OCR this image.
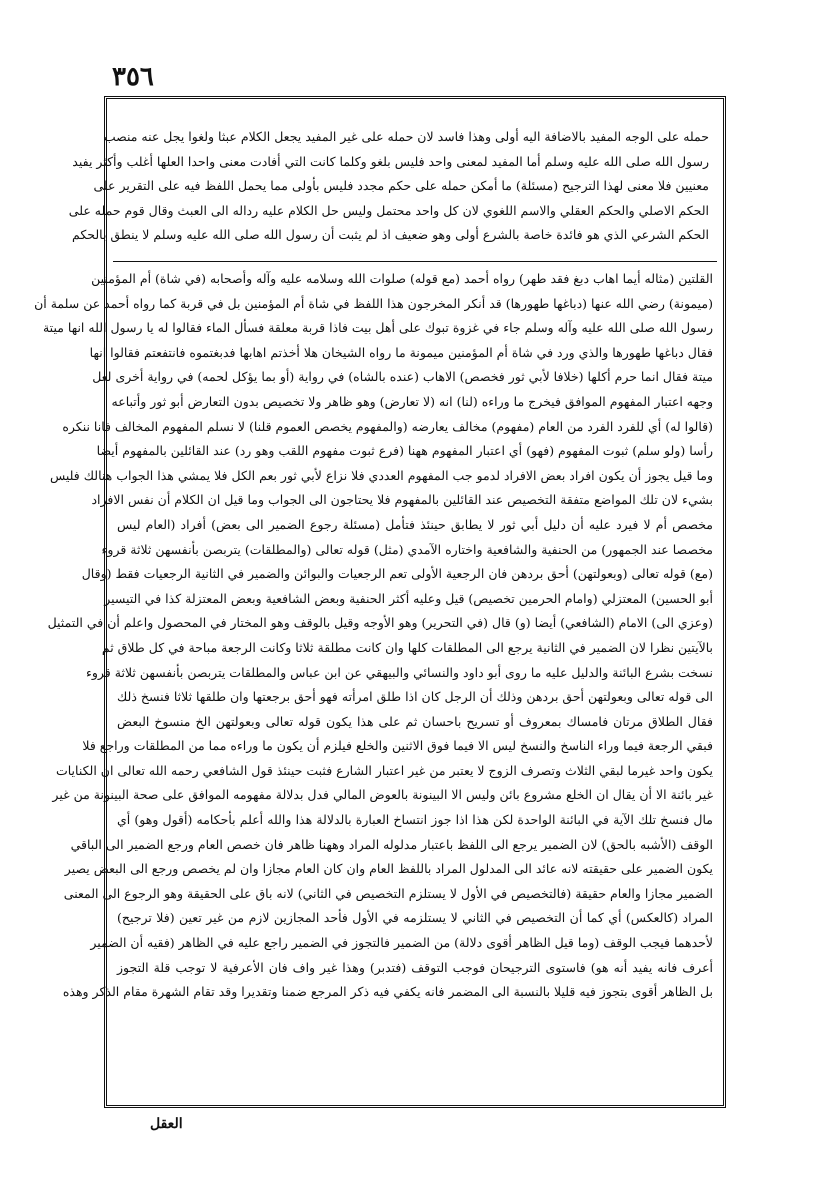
٣٥٦
حمله على الوجه المفيد بالاضافة اليه أولى وهذا فاسد لان حمله على غير المفيد يجعل الكلام عبثا ولغوا يجل عنه منصب
رسول الله صلى الله عليه وسلم أما المفيد لمعنى واحد فليس بلغو وكلما كانت التي أفادت معنى واحدا العلها أغلب وأكثر يفيد
معنيين فلا معنى لهذا الترجيح (مسئلة) ما أمكن حمله على حكم مجدد فليس بأولى مما يحمل اللفظ فيه على التقرير على
الحكم الاصلي والحكم العقلي والاسم اللغوي لان كل واحد محتمل وليس حل الكلام عليه رداله الى العبث وقال قوم حمله على
الحكم الشرعي الذي هو فائدة خاصة بالشرع أولى وهو ضعيف اذ لم يثبت أن رسول الله صلى الله عليه وسلم لا ينطق بالحكم
القلتين (مثاله أيما اهاب دبغ فقد طهر) رواه أحمد (مع قوله) صلوات الله وسلامه عليه وآله وأصحابه (في شاة) أم المؤمنين
(ميمونة) رضي الله عنها (دباغها طهورها) قد أنكر المخرجون هذا اللفظ في شاة أم المؤمنين بل في قربة كما رواه أحمد عن سلمة أن
رسول الله صلى الله عليه وآله وسلم جاء في غزوة تبوك على أهل بيت فاذا قربة معلقة فسأل الماء فقالوا له يا رسول الله انها ميتة
فقال دباغها طهورها والذي ورد في شاة أم المؤمنين ميمونة ما رواه الشيخان هلا أخذتم اهابها فدبغتموه فانتفعتم فقالوا انها
ميتة فقال انما حرم أكلها (خلافا لأبي ثور فخصص) الاهاب (عنده بالشاه) في رواية (أو بما يؤكل لحمه) في رواية أخرى لعل
وجهه اعتبار المفهوم الموافق فيخرج ما وراءه (لنا) انه (لا تعارض) وهو ظاهر ولا تخصيص بدون التعارض أبو ثور وأتباعه
(قالوا له) أي للفرد الفرد من العام (مفهوم) مخالف يعارضه (والمفهوم يخصص العموم قلنا) لا نسلم المفهوم المخالف فانا ننكره
رأسا (ولو سلم) ثبوت المفهوم (فهو) أي اعتبار المفهوم ههنا (فرع ثبوت مفهوم اللقب وهو رد) عند القائلين بالمفهوم أيضا
وما قيل يجوز أن يكون افراد بعض الافراد لدمو جب المفهوم العددي فلا نزاع لأبي ثور بعم الكل فلا يمشي هذا الجواب هنالك فليس
بشيء لان تلك المواضع متفقة التخصيص عند القائلين بالمفهوم فلا يحتاجون الى الجواب وما قيل ان الكلام أن نفس الافراد
مخصص أم لا فيرد عليه أن دليل أبي ثور لا يطابق حينئذ فتأمل (مسئلة رجوع الضمير الى بعض) أفراد (العام ليس
مخصصا عند الجمهور) من الحنفية والشافعية واختاره الآمدي (مثل) قوله تعالى (والمطلقات) يتربصن بأنفسهن ثلاثة قروء
(مع) قوله تعالى (وبعولتهن) أحق بردهن فان الرجعية الأولى تعم الرجعيات والبوائن والضمير في الثانية الرجعيات فقط (وقال
أبو الحسين) المعتزلي (وامام الحرمين تخصيص) قيل وعليه أكثر الحنفية وبعض الشافعية وبعض المعتزلة كذا في التيسير
(وعزي الى) الامام (الشافعي) أيضا (و) قال (في التحرير) وهو الأوجه وقيل بالوقف وهو المختار في المحصول واعلم أن في التمثيل
بالآيتين نظرا لان الضمير في الثانية يرجع الى المطلقات كلها وان كانت مطلقة ثلاثا وكانت الرجعة مباحة في كل طلاق ثم
نسخت بشرع البائنة والدليل عليه ما روى أبو داود والنسائي والبيهقي عن ابن عباس والمطلقات يتربصن بأنفسهن ثلاثة قروء
الى قوله تعالى وبعولتهن أحق بردهن وذلك أن الرجل كان اذا طلق امرأته فهو أحق برجعتها وان طلقها ثلاثا فنسخ ذلك
فقال الطلاق مرتان فامساك بمعروف أو تسريح باحسان ثم على هذا يكون قوله تعالى وبعولتهن الخ منسوخ البعض
فبقي الرجعة فيما وراء الناسخ والنسخ ليس الا فيما فوق الاثنين والخلع فيلزم أن يكون ما وراءه مما من المطلقات وراجع فلا
يكون واحد غيرما لبقي الثلاث وتصرف الزوج لا يعتبر من غير اعتبار الشارع فثبت حينئذ قول الشافعي رحمه الله تعالى ان الكنايات
غير بائنة الا أن يقال ان الخلع مشروع بائن وليس الا البينونة بالعوض المالي فدل بدلالة مفهومه الموافق على صحة البينونة من غير
مال فنسخ تلك الآية في البائنة الواحدة لكن هذا اذا جوز انتساخ العبارة بالدلالة هذا والله أعلم بأحكامه (أقول وهو) أي
الوقف (الأشبه بالحق) لان الضمير يرجع الى اللفظ باعتبار مدلوله المراد وههنا ظاهر فان خصص العام ورجع الضمير الى الباقي
يكون الضمير على حقيقته لانه عائد الى المدلول المراد باللفظ العام وان كان العام مجازا وان لم يخصص ورجع الى البعض يصير
الضمير مجازا والعام حقيقة (فالتخصيص في الأول لا يستلزم التخصيص في الثاني) لانه باق على الحقيقة وهو الرجوع الى المعنى
المراد (كالعكس) أي كما أن التخصيص في الثاني لا يستلزمه في الأول فأحد المجازين لازم من غير تعين (فلا ترجيح)
لأحدهما فيجب الوقف (وما قيل الظاهر أقوى دلالة) من الضمير فالتجوز في الضمير راجع عليه في الظاهر (فقيه أن الضمير
أعرف فانه يفيد أنه هو) فاستوى الترجيحان فوجب التوقف (فتدبر) وهذا غير واف فان الأعرفية لا توجب قلة التجوز
بل الظاهر أقوى بتجوز فيه قليلا بالنسبة الى المضمر فانه يكفي فيه ذكر المرجع ضمنا وتقديرا وقد تقام الشهرة مقام الذكر وهذه
العقل
